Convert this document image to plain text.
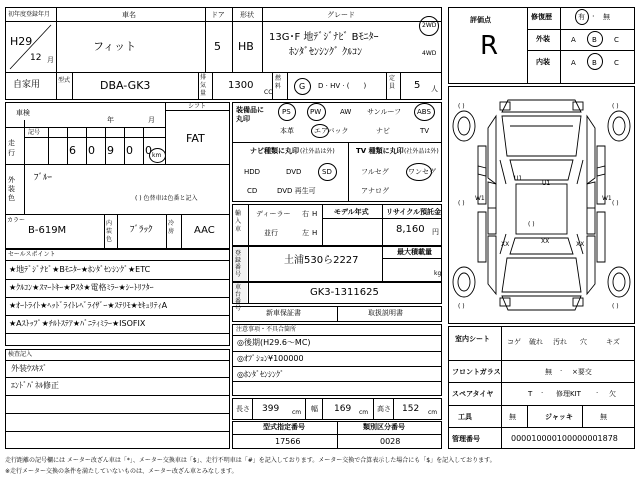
初年度登録年月
H29
12 月
車名
フィット
ドア
5
形状
HB
グレード
13G･F 地ﾃﾞｼﾞﾅﾋﾞ Bﾓﾆﾀｰ
ﾎﾝﾀﾞｾﾝｼﾝｸﾞ ｸﾙｺﾝ
2WD
4WD
自家用	型式	DBA-GK3
排気量
1300
CC
燃料	G D · HV · (　　)
定員	5 人
シフト
FAT
車検
年	月
記号
走行	6 0 9 0 0 km
外装色
ﾌﾞﾙｰ
( ) 色替車は色番と記入
カラー
B-619M
内装色
ﾌﾞﾗｯｸ
冷房	AAC
セールスポイント
★地ﾃﾞｼﾞﾅﾋﾞ★Bﾓﾆﾀｰ★ﾎﾝﾀﾞｾﾝｼﾝｸﾞ★ETC
★ｸﾙｺﾝ★ｽﾏｰﾄｷｰ★Pｽﾀ★電格ﾐﾗｰ★ｼｰﾄﾘﾌﾀｰ
★ｵｰﾄﾗｲﾄ★ﾍｯﾄﾞﾗｲﾄﾚﾍﾞﾗｲｻﾞｰ★ｽﾃﾘﾓ★ｾｷｭﾘﾃｨA
★Aｽﾄｯﾌﾟ★ﾁﾙﾄｽﾃｱ★ﾊﾞﾆﾃｨﾐﾗｰ★ISOFIX
検査記入
外装ｳｽｷｽﾞ
ｴﾝﾄﾞﾊﾟﾈﾙ修正
装備品に丸印
PS	PW	AW サンルーフ ABS
本革	エアバック	ナビ	TV
ナビ種類に丸印 (社外品は外)
HDD	DVD	SD
CD	DVD 再生可
TV 種類に丸印 (社外品は外)
フルセグ	ワンセグ
アナログ
輸入車
ディーラー 右 H
並行	左 H
モデル年式 リサイクル預託金
8,160 円
登録番号
土浦530ら2227
最大積載量
kg
車台番号
GK3-1311625
新車保証書	取扱説明書
注意事項・不具合箇所
◎後期(H29.6〜MC)
◎ｵﾌﾟｼｮﾝ¥100000
◎ﾎﾝﾀﾞｾﾝｼﾝｸﾞ
長さ 399 cm 幅 169 cm 高さ 152 cm
型式指定番号
17566
類別区分番号
0028
評価点
R
修復歴	有 · 無
外装	A B C
内装	A B C
( )	( )
( )	( )
( )	( )
( )
U1
U1
W1	W1
XX	XX	XX
室内シート	コゲ 破れ 汚れ 穴	キズ
フロントガラス	無 · ×要交
スペアタイヤ	T · 修理KIT · 欠
工具	無	ジャッキ	無
管理番号	000010000100000001878
走行距離の記号欄には メーター改ざん車は「*」、メーター交換車は「$」、走行不明車は「#」を記入しております。メーター交換で合算表示した場合にも「$」を記入しております。
※走行メーター交換の条件を満たしていないものは、メーター改ざん車とみなします。
